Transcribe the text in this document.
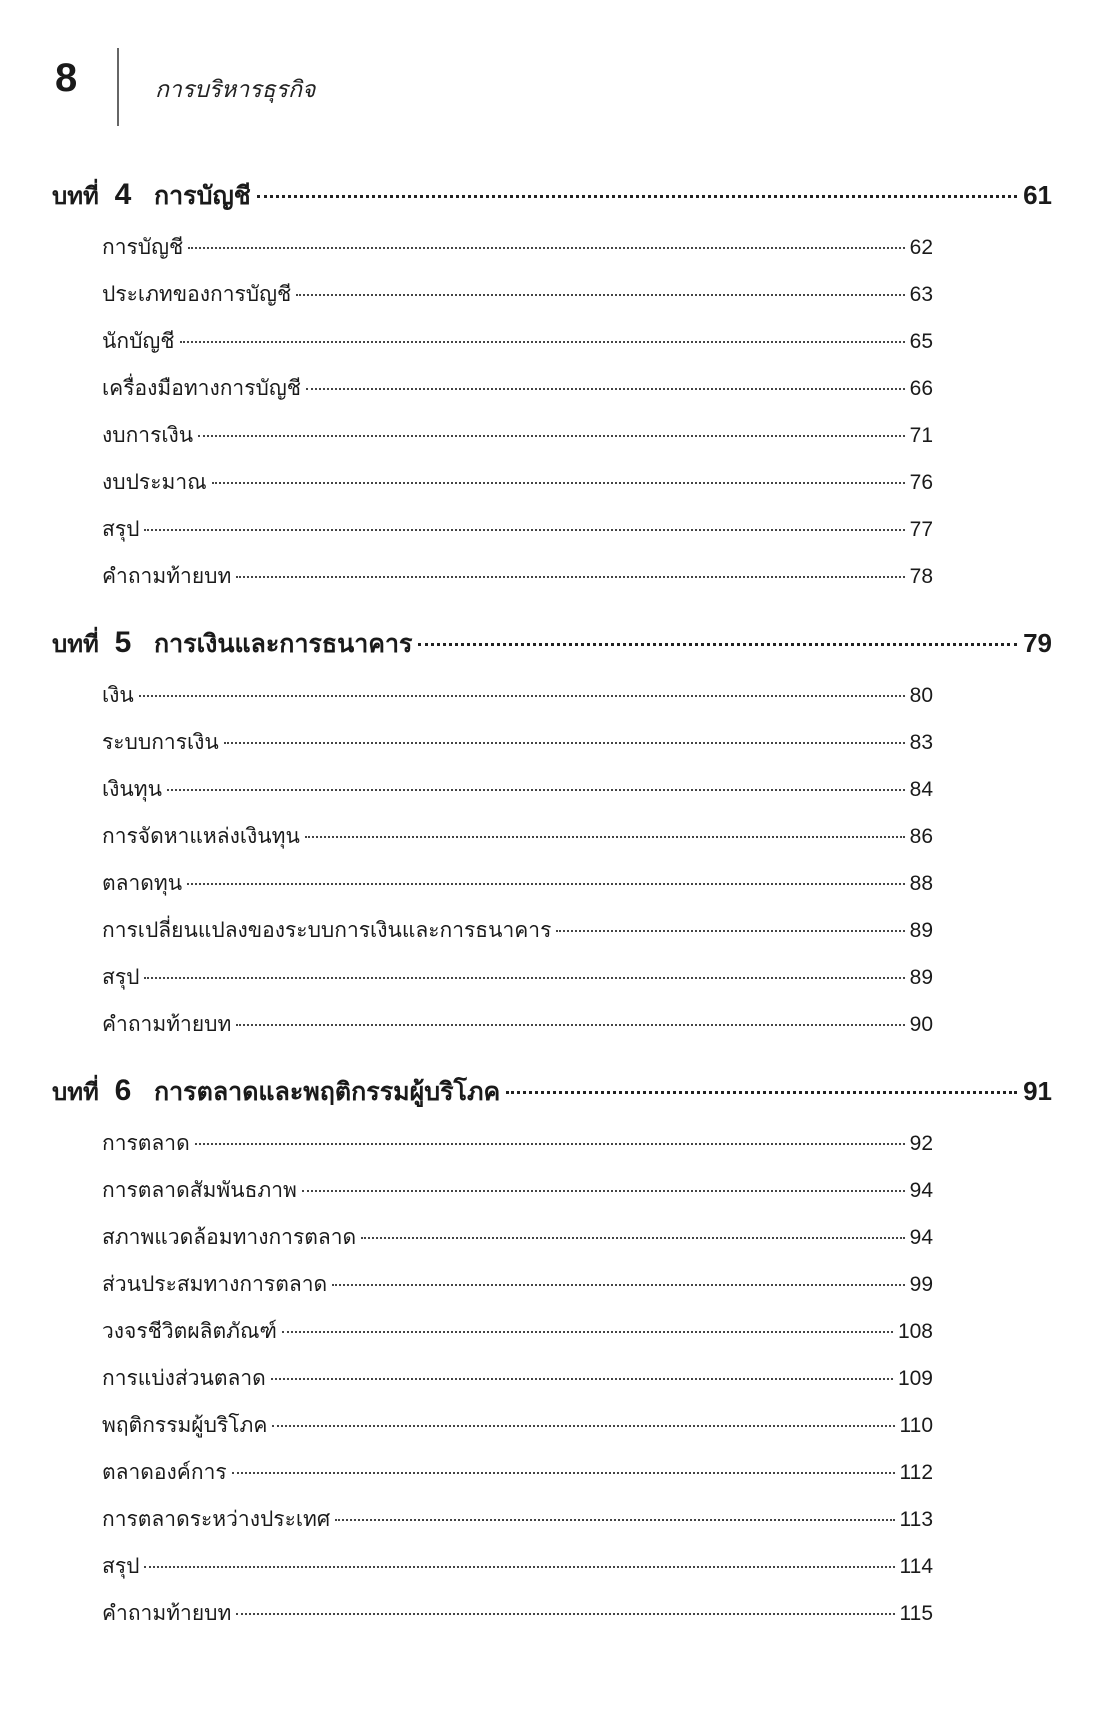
8	การบริหารธุรกิจ
บทที่ 4 การบัญชี	61
การบัญชี	62
ประเภทของการบัญชี	63
นักบัญชี	65
เครื่องมือทางการบัญชี	66
งบการเงิน	71
งบประมาณ	76
สรุป	77
คำถามท้ายบท	78
บทที่ 5 การเงินและการธนาคาร	79
เงิน	80
ระบบการเงิน	83
เงินทุน	84
การจัดหาแหล่งเงินทุน	86
ตลาดทุน	88
การเปลี่ยนแปลงของระบบการเงินและการธนาคาร	89
สรุป	89
คำถามท้ายบท	90
บทที่ 6 การตลาดและพฤติกรรมผู้บริโภค	91
การตลาด	92
การตลาดสัมพันธภาพ	94
สภาพแวดล้อมทางการตลาด	94
ส่วนประสมทางการตลาด	99
วงจรชีวิตผลิตภัณฑ์	108
การแบ่งส่วนตลาด	109
พฤติกรรมผู้บริโภค	110
ตลาดองค์การ	112
การตลาดระหว่างประเทศ	113
สรุป	114
คำถามท้ายบท	115
